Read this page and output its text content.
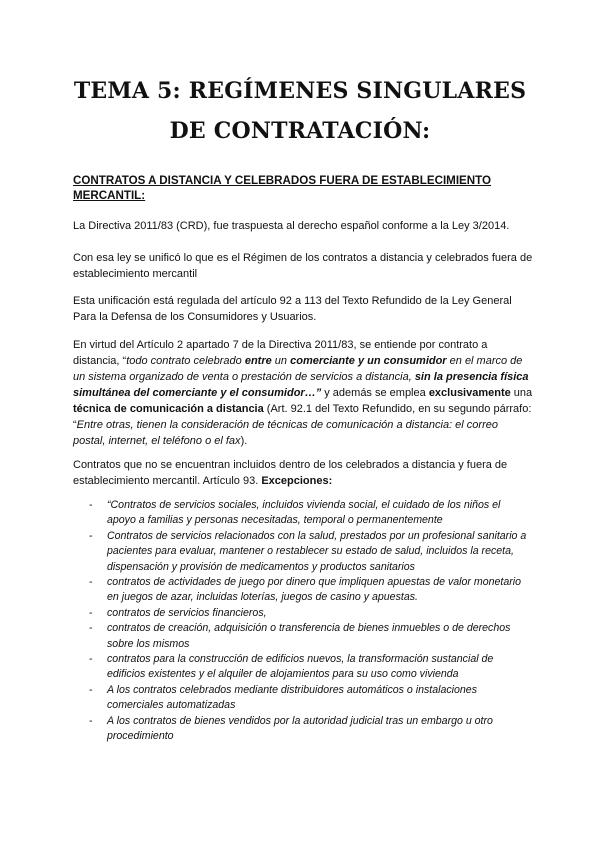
TEMA 5: REGÍMENES SINGULARES
DE CONTRATACIÓN:
CONTRATOS A DISTANCIA Y CELEBRADOS FUERA DE ESTABLECIMIENTO MERCANTIL:

La Directiva 2011/83 (CRD), fue traspuesta al derecho español conforme a la Ley 3/2014.

Con esa ley se unificó lo que es el Régimen de los contratos a distancia y celebrados fuera de establecimiento mercantil

Esta unificación está regulada del artículo 92 a 113 del Texto Refundido de la Ley General Para la Defensa de los Consumidores y Usuarios.

En virtud del Artículo 2 apartado 7 de la Directiva 2011/83, se entiende por contrato a distancia, “todo contrato celebrado entre un comerciante y un consumidor en el marco de un sistema organizado de venta o prestación de servicios a distancia, sin la presencia física simultánea del comerciante y el consumidor…” y además se emplea exclusivamente una técnica de comunicación a distancia (Art. 92.1 del Texto Refundido, en su segundo párrafo: “Entre otras, tienen la consideración de técnicas de comunicación a distancia: el correo postal, internet, el teléfono o el fax).

Contratos que no se encuentran incluidos dentro de los celebrados a distancia y fuera de establecimiento mercantil. Artículo 93. Excepciones:

- “Contratos de servicios sociales, incluidos vivienda social, el cuidado de los niños el apoyo a familias y personas necesitadas, temporal o permanentemente
- Contratos de servicios relacionados con la salud, prestados por un profesional sanitario a pacientes para evaluar, mantener o restablecer su estado de salud, incluidos la receta, dispensación y provisión de medicamentos y productos sanitarios
- contratos de actividades de juego por dinero que impliquen apuestas de valor monetario en juegos de azar, incluidas loterías, juegos de casino y apuestas.
- contratos de servicios financieros,
- contratos de creación, adquisición o transferencia de bienes inmuebles o de derechos sobre los mismos
- contratos para la construcción de edificios nuevos, la transformación sustancial de edificios existentes y el alquiler de alojamientos para su uso como vivienda
- A los contratos celebrados mediante distribuidores automáticos o instalaciones comerciales automatizadas
- A los contratos de bienes vendidos por la autoridad judicial tras un embargo u otro procedimiento
